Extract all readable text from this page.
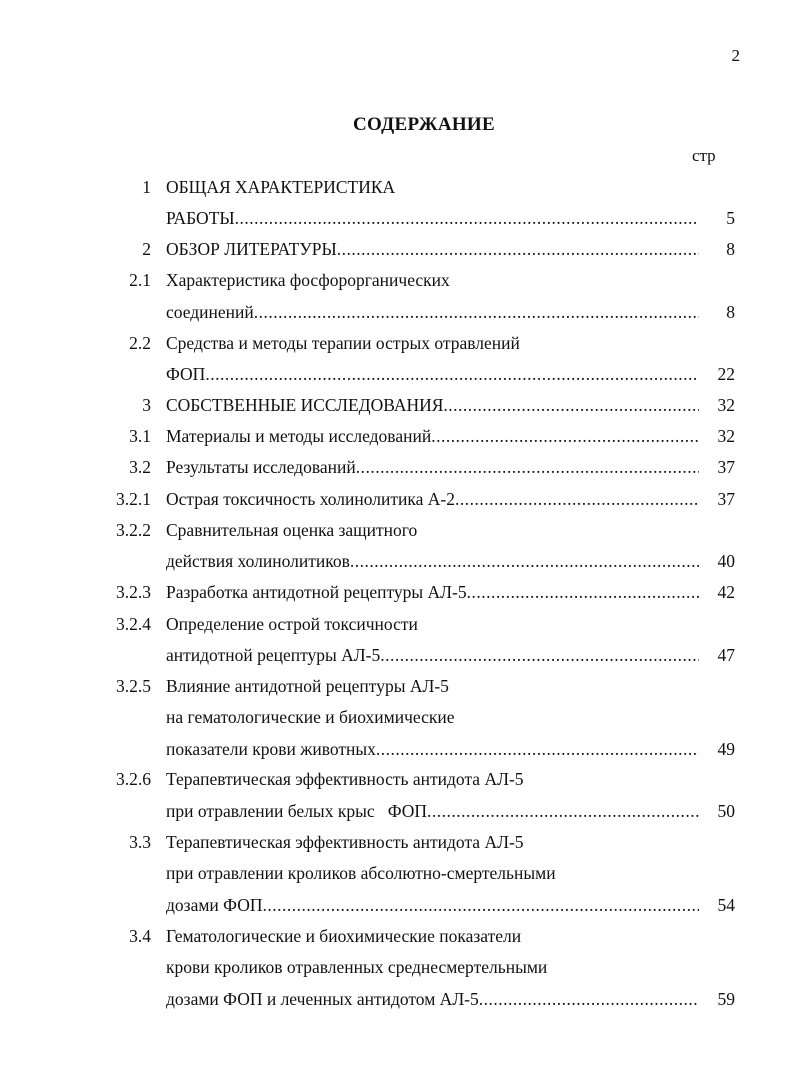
2
СОДЕРЖАНИЕ
стр
1 ОБЩАЯ ХАРАКТЕРИСТИКА
РАБОТЫ .....	5
2 ОБЗОР ЛИТЕРАТУРЫ .....	8
2.1 Характеристика фосфорорганических
соединений .....	8
2.2 Средства и методы терапии острых отравлений
ФОП .....	22
3 СОБСТВЕННЫЕ ИССЛЕДОВАНИЯ .....	32
3.1 Материалы и методы исследований .....	32
3.2 Результаты исследований .....	37
3.2.1 Острая токсичность холинолитика А-2 .....	37
3.2.2 Сравнительная оценка защитного
действия холинолитиков .....	40
3.2.3 Разработка антидотной рецептуры АЛ-5 .....	42
3.2.4 Определение острой токсичности
антидотной рецептуры АЛ-5 .....	47
3.2.5 Влияние антидотной рецептуры АЛ-5
на гематологические и биохимические
показатели крови животных .....	49
3.2.6 Терапевтическая эффективность антидота АЛ-5
при отравлении белых крыс   ФОП .....	50
3.3 Терапевтическая эффективность антидота АЛ-5
при отравлении кроликов абсолютно-смертельными
дозами ФОП .....	54
3.4 Гематологические и биохимические показатели
крови кроликов отравленных среднесмертельными
дозами ФОП и леченных антидотом АЛ-5 .....	59
